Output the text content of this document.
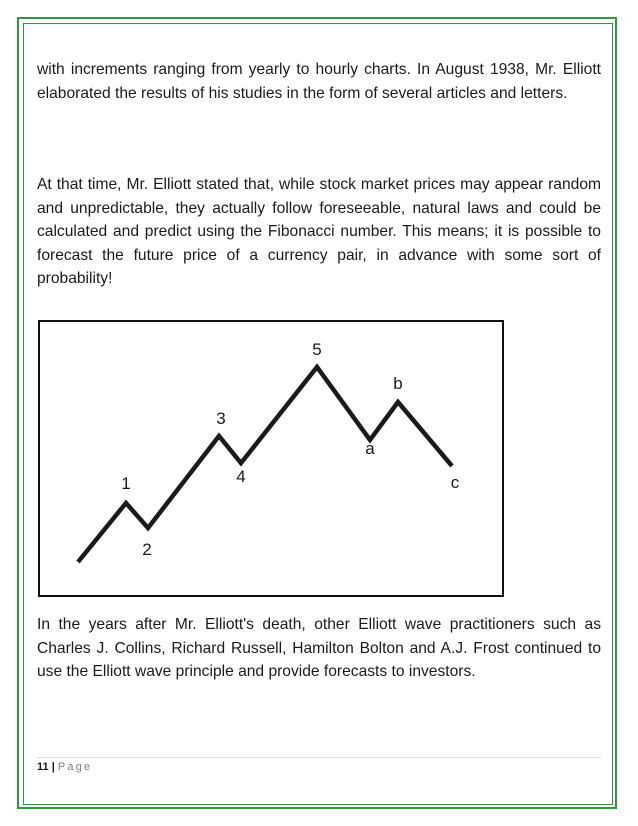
with increments ranging from yearly to hourly charts. In August 1938, Mr. Elliott elaborated the results of his studies in the form of several articles and letters.

At that time, Mr. Elliott stated that, while stock market prices may appear random and unpredictable, they actually follow foreseeable, natural laws and could be calculated and predict using the Fibonacci number. This means; it is possible to forecast the future price of a currency pair, in advance with some sort of probability!

1
2
3
4
5
a
b
c

In the years after Mr. Elliott's death, other Elliott wave practitioners such as Charles J. Collins, Richard Russell, Hamilton Bolton and A.J. Frost continued to use the Elliott wave principle and provide forecasts to investors.

11 | Page
